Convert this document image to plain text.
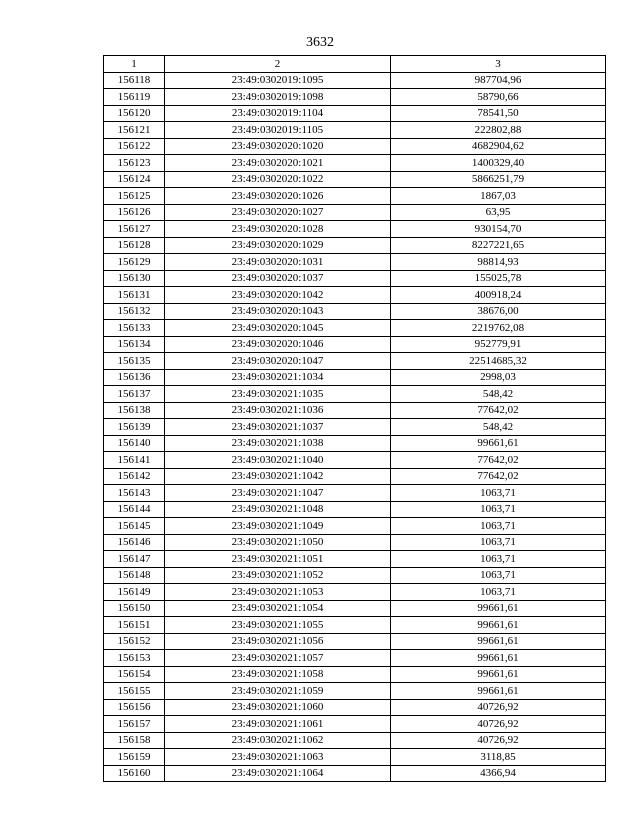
3632
1	2	3
156118	23:49:0302019:1095	987704,96
156119	23:49:0302019:1098	58790,66
156120	23:49:0302019:1104	78541,50
156121	23:49:0302019:1105	222802,88
156122	23:49:0302020:1020	4682904,62
156123	23:49:0302020:1021	1400329,40
156124	23:49:0302020:1022	5866251,79
156125	23:49:0302020:1026	1867,03
156126	23:49:0302020:1027	63,95
156127	23:49:0302020:1028	930154,70
156128	23:49:0302020:1029	8227221,65
156129	23:49:0302020:1031	98814,93
156130	23:49:0302020:1037	155025,78
156131	23:49:0302020:1042	400918,24
156132	23:49:0302020:1043	38676,00
156133	23:49:0302020:1045	2219762,08
156134	23:49:0302020:1046	952779,91
156135	23:49:0302020:1047	22514685,32
156136	23:49:0302021:1034	2998,03
156137	23:49:0302021:1035	548,42
156138	23:49:0302021:1036	77642,02
156139	23:49:0302021:1037	548,42
156140	23:49:0302021:1038	99661,61
156141	23:49:0302021:1040	77642,02
156142	23:49:0302021:1042	77642,02
156143	23:49:0302021:1047	1063,71
156144	23:49:0302021:1048	1063,71
156145	23:49:0302021:1049	1063,71
156146	23:49:0302021:1050	1063,71
156147	23:49:0302021:1051	1063,71
156148	23:49:0302021:1052	1063,71
156149	23:49:0302021:1053	1063,71
156150	23:49:0302021:1054	99661,61
156151	23:49:0302021:1055	99661,61
156152	23:49:0302021:1056	99661,61
156153	23:49:0302021:1057	99661,61
156154	23:49:0302021:1058	99661,61
156155	23:49:0302021:1059	99661,61
156156	23:49:0302021:1060	40726,92
156157	23:49:0302021:1061	40726,92
156158	23:49:0302021:1062	40726,92
156159	23:49:0302021:1063	3118,85
156160	23:49:0302021:1064	4366,94
